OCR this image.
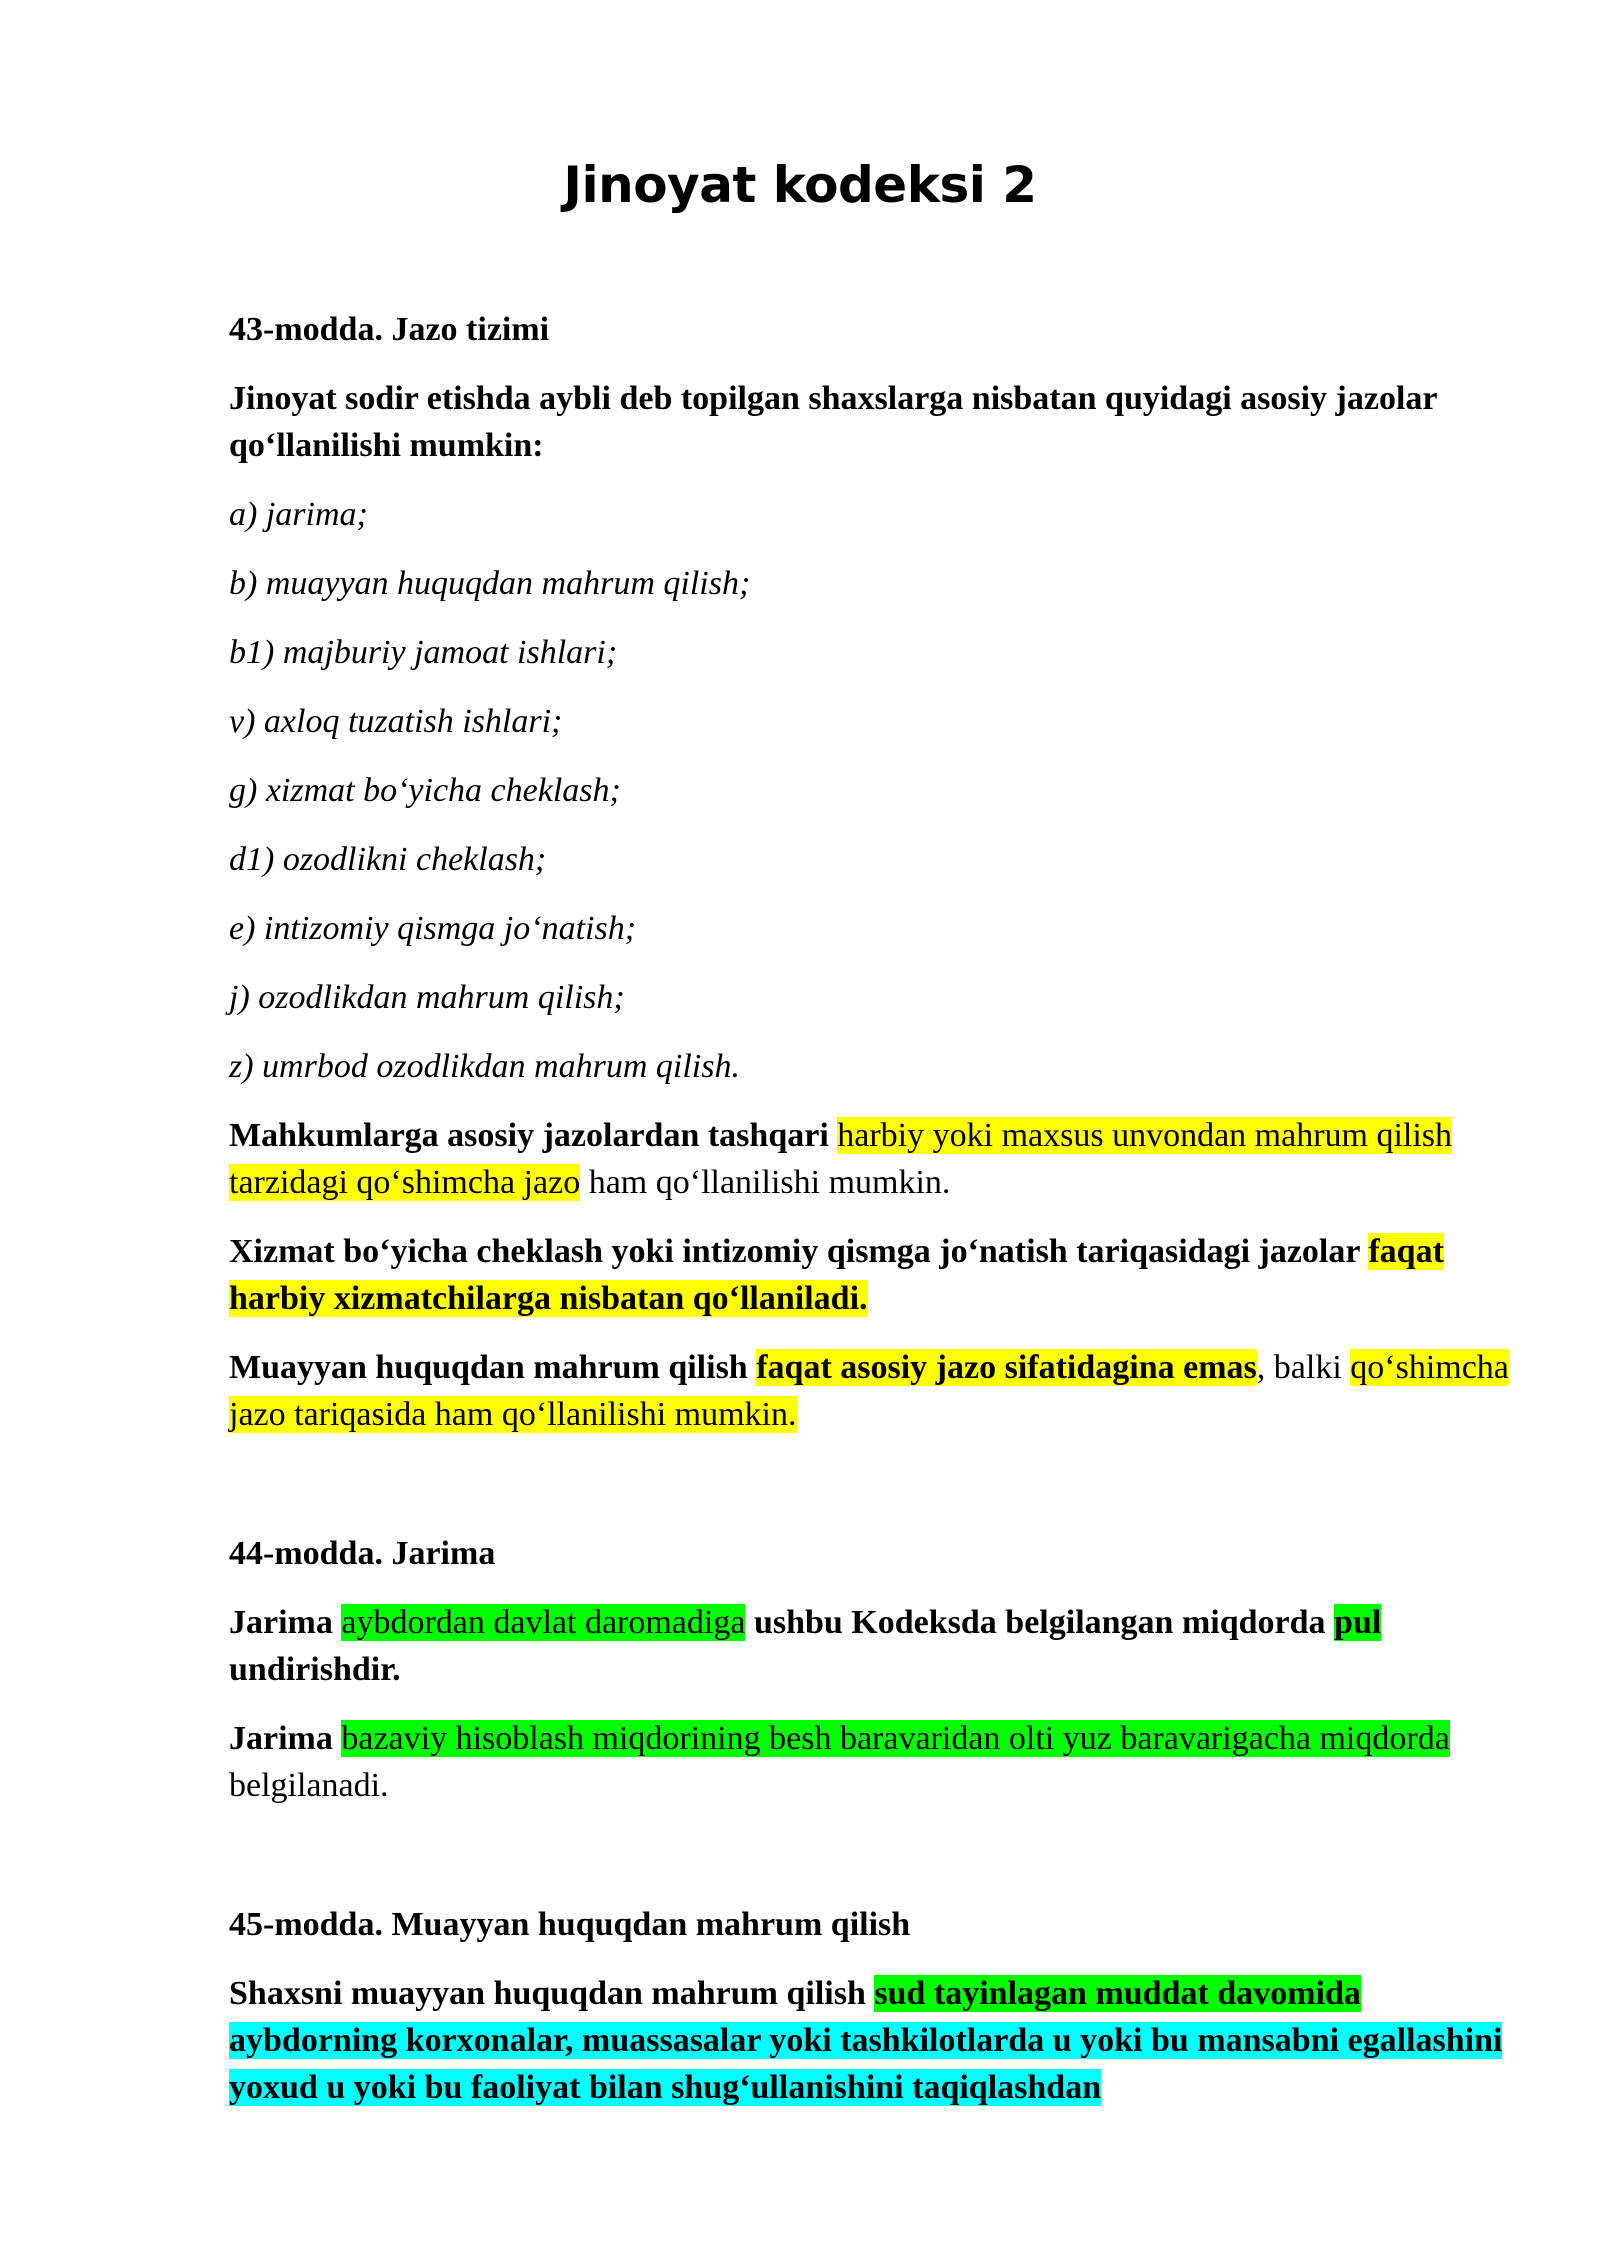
Jinoyat kodeksi 2

43-modda. Jazo tizimi

Jinoyat sodir etishda aybli deb topilgan shaxslarga nisbatan quyidagi asosiy jazolar qo‘llanilishi mumkin:

a) jarima;

b) muayyan huquqdan mahrum qilish;

b1) majburiy jamoat ishlari;

v) axloq tuzatish ishlari;

g) xizmat bo‘yicha cheklash;

d1) ozodlikni cheklash;

e) intizomiy qismga jo‘natish;

j) ozodlikdan mahrum qilish;

z) umrbod ozodlikdan mahrum qilish.

Mahkumlarga asosiy jazolardan tashqari harbiy yoki maxsus unvondan mahrum qilish tarzidagi qo‘shimcha jazo ham qo‘llanilishi mumkin.

Xizmat bo‘yicha cheklash yoki intizomiy qismga jo‘natish tariqasidagi jazolar faqat harbiy xizmatchilarga nisbatan qo‘llaniladi.

Muayyan huquqdan mahrum qilish faqat asosiy jazo sifatidagina emas, balki qo‘shimcha jazo tariqasida ham qo‘llanilishi mumkin.

44-modda. Jarima

Jarima aybdordan davlat daromadiga ushbu Kodeksda belgilangan miqdorda pul undirishdir.

Jarima bazaviy hisoblash miqdorining besh baravaridan olti yuz baravarigacha miqdorda belgilanadi.

45-modda. Muayyan huquqdan mahrum qilish

Shaxsni muayyan huquqdan mahrum qilish sud tayinlagan muddat davomida aybdorning korxonalar, muassasalar yoki tashkilotlarda u yoki bu mansabni egallashini yoxud u yoki bu faoliyat bilan shug‘ullanishini taqiqlashdan
